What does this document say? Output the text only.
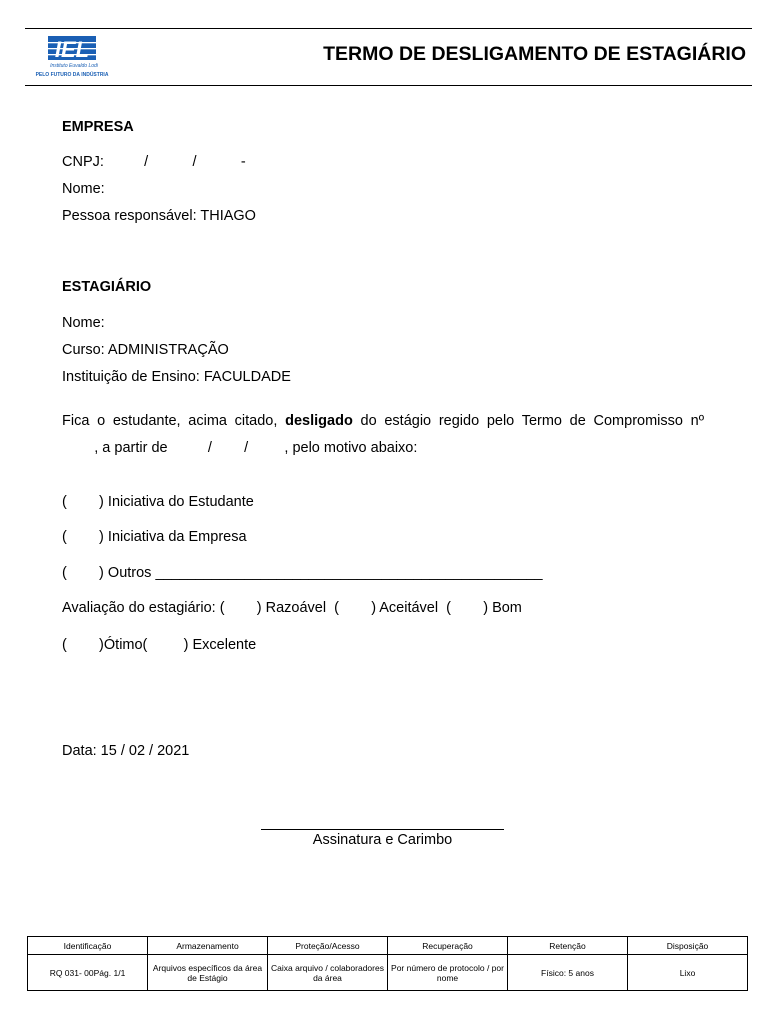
IEL
Instituto Euvaldo Lodi
PELO FUTURO DA INDÚSTRIA
TERMO DE DESLIGAMENTO DE ESTAGIÁRIO
EMPRESA
CNPJ:          /           /           -
Nome:
Pessoa responsável: THIAGO
ESTAGIÁRIO
Nome:
Curso: ADMINISTRAÇÃO
Instituição de Ensino: FACULDADE
Fica o estudante, acima citado, desligado do estágio regido pelo Termo de Compromisso nº
, a partir de          /        /         , pelo motivo abaixo:
(        ) Iniciativa do Estudante
(        ) Iniciativa da Empresa
(        ) Outros ________________________________________________
Avaliação do estagiário: (        ) Razoável  (        ) Aceitável  (        ) Bom
(        )Ótimo(         ) Excelente
Data: 15 / 02 / 2021
Assinatura e Carimbo
Identificação	Armazenamento	Proteção/Acesso	Recuperação	Retenção	Disposição
RQ 031- 00Pág. 1/1	Arquivos específicos da área de Estágio	Caixa arquivo / colaboradores da área	Por número de protocolo / por nome	Físico: 5 anos	Lixo
